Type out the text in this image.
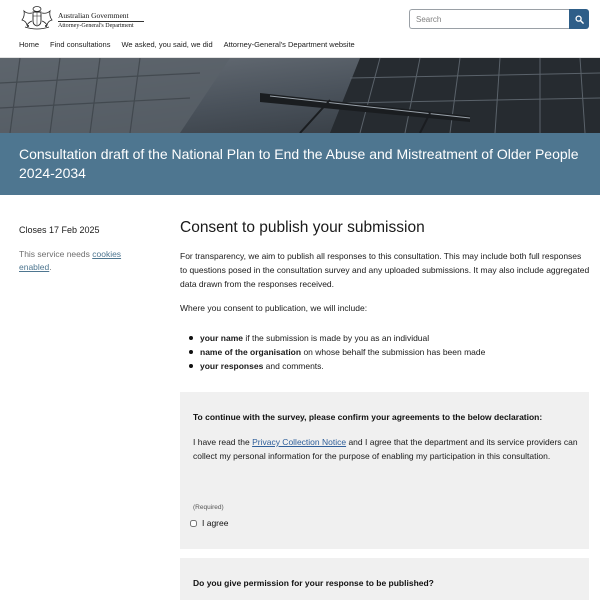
Australian Government
Attorney-General's Department
Search
Home Find consultations We asked, you said, we did Attorney-General's Department website
Consultation draft of the National Plan to End the Abuse and Mistreatment of Older People 2024-2034
Closes 17 Feb 2025
This service needs cookies enabled.
Consent to publish your submission

For transparency, we aim to publish all responses to this consultation. This may include both full responses to questions posed in the consultation survey and any uploaded submissions. It may also include aggregated data drawn from the responses received.

Where you consent to publication, we will include:

your name if the submission is made by you as an individual
name of the organisation on whose behalf the submission has been made
your responses and comments.
To continue with the survey, please confirm your agreements to the below declaration:

I have read the Privacy Collection Notice and I agree that the department and its service providers can collect my personal information for the purpose of enabling my participation in this consultation.

(Required)
I agree
Do you give permission for your response to be published?
